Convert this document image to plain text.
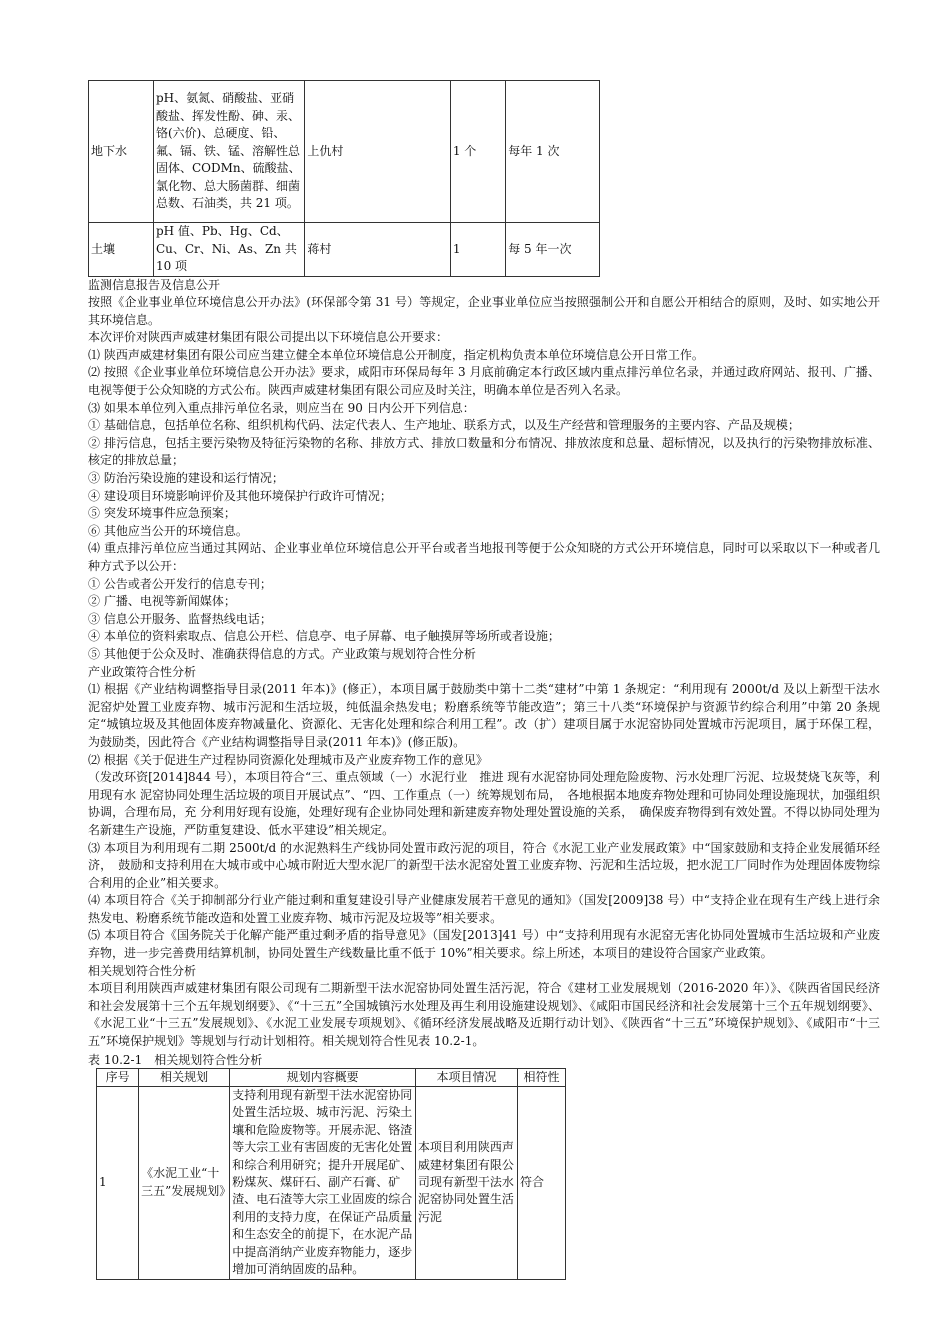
地下水	pH、氨氮、硝酸盐、亚硝酸盐、挥发性酚、砷、汞、铬(六价)、总硬度、铅、氟、镉、铁、锰、溶解性总固体、CODMn、硫酸盐、氯化物、总大肠菌群、细菌总数、石油类，共 21 项。	上仇村	1 个	每年 1 次
土壤	pH 值、Pb、Hg、Cd、Cu、Cr、Ni、As、Zn 共 10 项	蒋村	1	每 5 年一次

监测信息报告及信息公开

按照《企业事业单位环境信息公开办法》(环保部令第 31 号）等规定，企业事业单位应当按照强制公开和自愿公开相结合的原则，及时、如实地公开其环境信息。

本次评价对陕西声威建材集团有限公司提出以下环境信息公开要求：

⑴ 陕西声威建材集团有限公司应当建立健全本单位环境信息公开制度，指定机构负责本单位环境信息公开日常工作。

⑵ 按照《企业事业单位环境信息公开办法》要求，咸阳市环保局每年 3 月底前确定本行政区域内重点排污单位名录，并通过政府网站、报刊、广播、电视等便于公众知晓的方式公布。陕西声威建材集团有限公司应及时关注，明确本单位是否列入名录。

⑶ 如果本单位列入重点排污单位名录，则应当在 90 日内公开下列信息：

① 基础信息，包括单位名称、组织机构代码、法定代表人、生产地址、联系方式，以及生产经营和管理服务的主要内容、产品及规模；

② 排污信息，包括主要污染物及特征污染物的名称、排放方式、排放口数量和分布情况、排放浓度和总量、超标情况，以及执行的污染物排放标准、核定的排放总量；

③ 防治污染设施的建设和运行情况；

④ 建设项目环境影响评价及其他环境保护行政许可情况；

⑤ 突发环境事件应急预案；

⑥ 其他应当公开的环境信息。

⑷ 重点排污单位应当通过其网站、企业事业单位环境信息公开平台或者当地报刊等便于公众知晓的方式公开环境信息，同时可以采取以下一种或者几种方式予以公开：

① 公告或者公开发行的信息专刊；

② 广播、电视等新闻媒体；

③ 信息公开服务、监督热线电话；

④ 本单位的资料索取点、信息公开栏、信息亭、电子屏幕、电子触摸屏等场所或者设施；

⑤ 其他便于公众及时、准确获得信息的方式。产业政策与规划符合性分析

产业政策符合性分析

⑴ 根据《产业结构调整指导目录(2011 年本)》(修正），本项目属于鼓励类中第十二类“建材”中第 1 条规定：“利用现有 2000t/d 及以上新型干法水泥窑炉处置工业废弃物、城市污泥和生活垃圾，纯低温余热发电；粉磨系统等节能改造”；第三十八类“环境保护与资源节约综合利用”中第 20 条规定“城镇垃圾及其他固体废弃物减量化、资源化、无害化处理和综合利用工程”。改（扩）建项目属于水泥窑协同处置城市污泥项目，属于环保工程，为鼓励类，因此符合《产业结构调整指导目录(2011 年本)》(修正版)。

⑵ 根据《关于促进生产过程协同资源化处理城市及产业废弃物工作的意见》

（发改环资[2014]844 号），本项目符合“三、重点领域（一）水泥行业　推进 现有水泥窑协同处理危险废物、污水处理厂污泥、垃圾焚烧飞灰等，利用现有水 泥窑协同处理生活垃圾的项目开展试点”、“四、工作重点（一）统筹规划布局，　各地根据本地废弃物处理和可协同处理设施现状，加强组织协调，合理布局，充 分利用好现有设施，处理好现有企业协同处理和新建废弃物处理处置设施的关系，　确保废弃物得到有效处置。不得以协同处理为名新建生产设施，严防重复建设、低水平建设”相关规定。

⑶ 本项目为利用现有二期 2500t/d 的水泥熟料生产线协同处置市政污泥的项目，符合《水泥工业产业发展政策》中“国家鼓励和支持企业发展循环经济，　鼓励和支持利用在大城市或中心城市附近大型水泥厂的新型干法水泥窑处置工业废弃物、污泥和生活垃圾，把水泥工厂同时作为处理固体废物综合利用的企业”相关要求。

⑷ 本项目符合《关于抑制部分行业产能过剩和重复建设引导产业健康发展若干意见的通知》（国发[2009]38 号）中“支持企业在现有生产线上进行余热发电、粉磨系统节能改造和处置工业废弃物、城市污泥及垃圾等”相关要求。

⑸ 本项目符合《国务院关于化解产能严重过剩矛盾的指导意见》（国发[2013]41 号）中“支持利用现有水泥窑无害化协同处置城市生活垃圾和产业废弃物，进一步完善费用结算机制，协同处置生产线数量比重不低于 10%”相关要求。综上所述，本项目的建设符合国家产业政策。

相关规划符合性分析

本项目利用陕西声威建材集团有限公司现有二期新型干法水泥窑协同处置生活污泥，符合《建材工业发展规划（2016-2020 年）》、《陕西省国民经济和社会发展第十三个五年规划纲要》、《“十三五”全国城镇污水处理及再生利用设施建设规划》、《咸阳市国民经济和社会发展第十三个五年规划纲要》、《水泥工业“十三五”发展规划》、《水泥工业发展专项规划》、《循环经济发展战略及近期行动计划》、《陕西省“十三五”环境保护规划》、《咸阳市“十三五”环境保护规划》等规划与行动计划相符。相关规划符合性见表 10.2-1。

表 10.2-1　相关规划符合性分析

序号	相关规划	规划内容概要	本项目情况	相符性
1	《水泥工业“十三五”发展规划》	支持利用现有新型干法水泥窑协同处置生活垃圾、城市污泥、污染土壤和危险废物等。开展赤泥、铬渣等大宗工业有害固废的无害化处置和综合利用研究；提升开展尾矿、粉煤灰、煤矸石、副产石膏、矿渣、电石渣等大宗工业固废的综合利用的支持力度，在保证产品质量和生态安全的前提下，在水泥产品中提高消纳产业废弃物能力，逐步增加可消纳固废的品种。	本项目利用陕西声威建材集团有限公司现有新型干法水泥窑协同处置生活污泥	符合
